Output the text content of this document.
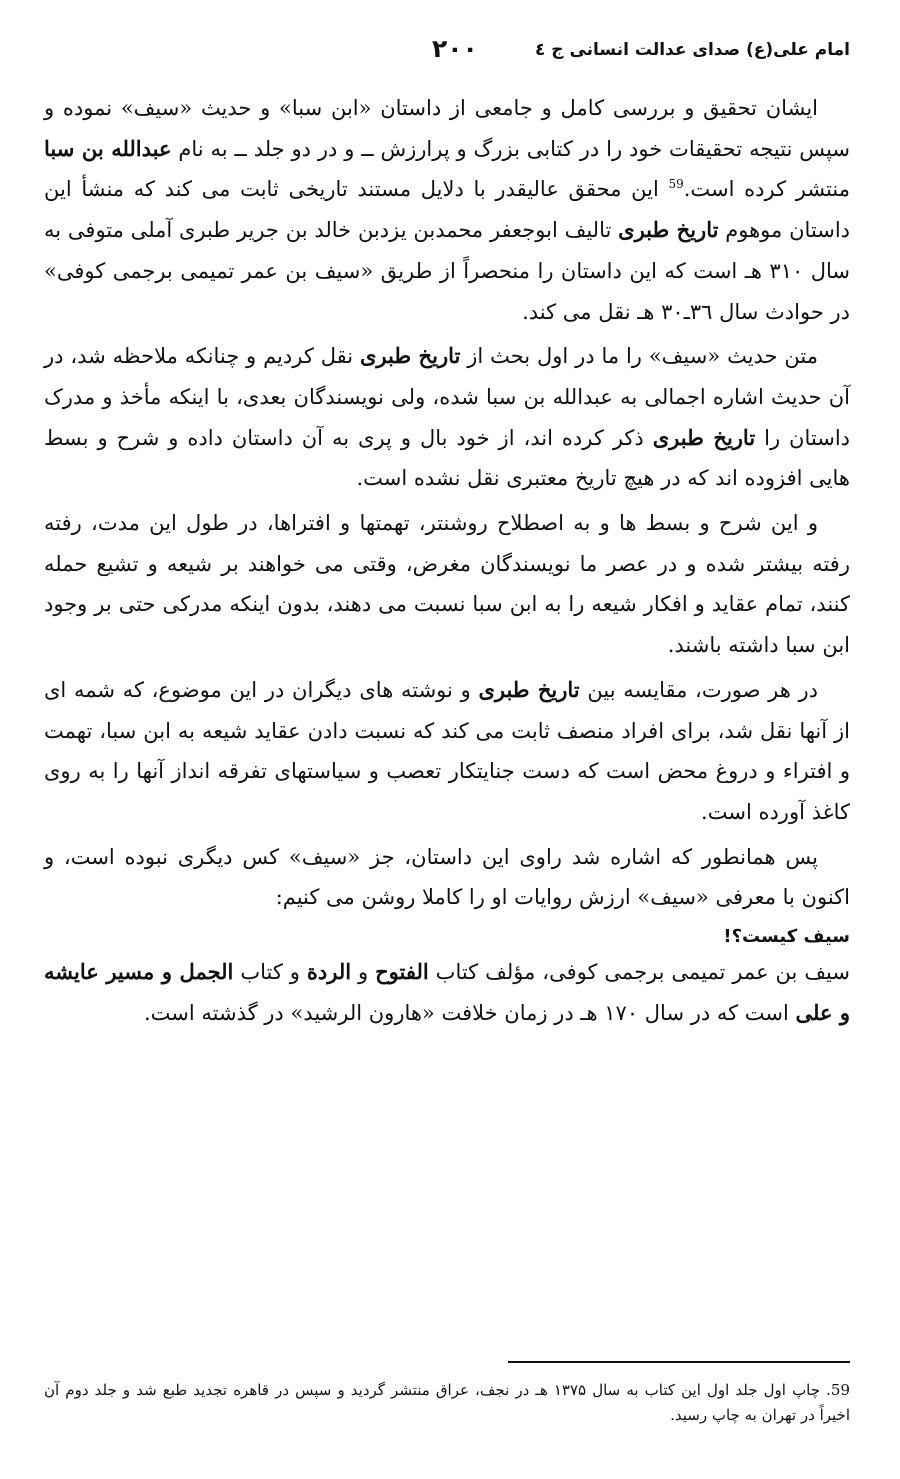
امام علی(ع) صدای عدالت انسانی ج ٤
۲۰۰

ایشان تحقیق و بررسی کامل و جامعی از داستان «ابن سبا» و حدیث «سیف» نموده و سپس نتیجه تحقیقات خود را در کتابی بزرگ و پرارزش ــ و در دو جلد ــ به نام عبدالله بن سبا منتشر کرده است.$^{59}$ این محقق عالیقدر با دلایل مستند تاریخی ثابت می کند که منشأ این داستان موهوم تاریخ طبری تالیف ابوجعفر محمدبن یزدبن خالد بن جریر طبری آملی متوفی به سال ۳۱۰ هـ است که این داستان را منحصراً از طریق «سیف بن عمر تمیمی برجمی کوفی» در حوادث سال ۳٦ـ۳۰ هـ نقل می کند.

متن حدیث «سیف» را ما در اول بحث از تاریخ طبری نقل کردیم و چنانکه ملاحظه شد، در آن حدیث اشاره اجمالی به عبدالله بن سبا شده، ولی نویسندگان بعدی، با اینکه مأخذ و مدرک داستان را تاریخ طبری ذکر کرده اند، از خود بال و پری به آن داستان داده و شرح و بسط هایی افزوده اند که در هیچ تاریخ معتبری نقل نشده است.

و این شرح و بسط ها و به اصطلاح روشنتر، تهمتها و افتراها، در طول این مدت، رفته رفته بیشتر شده و در عصر ما نویسندگان مغرض، وقتی می خواهند بر شیعه و تشیع حمله کنند، تمام عقاید و افکار شیعه را به ابن سبا نسبت می دهند، بدون اینکه مدرکی حتی بر وجود ابن سبا داشته باشند.

در هر صورت، مقایسه بین تاریخ طبری و نوشته های دیگران در این موضوع، که شمه ای از آنها نقل شد، برای افراد منصف ثابت می کند که نسبت دادن عقاید شیعه به ابن سبا، تهمت و افتراء و دروغ محض است که دست جنایتکار تعصب و سیاستهای تفرقه انداز آنها را به روی کاغذ آورده است.

پس همانطور که اشاره شد راوی این داستان، جز «سیف» کس دیگری نبوده است، و اکنون با معرفی «سیف» ارزش روایات او را کاملا روشن می کنیم:

سیف کیست؟!

سیف بن عمر تمیمی برجمی کوفی، مؤلف کتاب الفتوح و الردة و کتاب الجمل و مسیر عایشه و علی است که در سال ۱۷۰ هـ در زمان خلافت «هارون الرشید» در گذشته است.

59. چاپ اول جلد اول این کتاب به سال ۱۳۷۵ هـ در نجف، عراق منتشر گردید و سپس در قاهره تجدید طبع شد و جلد دوم آن اخیراً در تهران به چاپ رسید.
